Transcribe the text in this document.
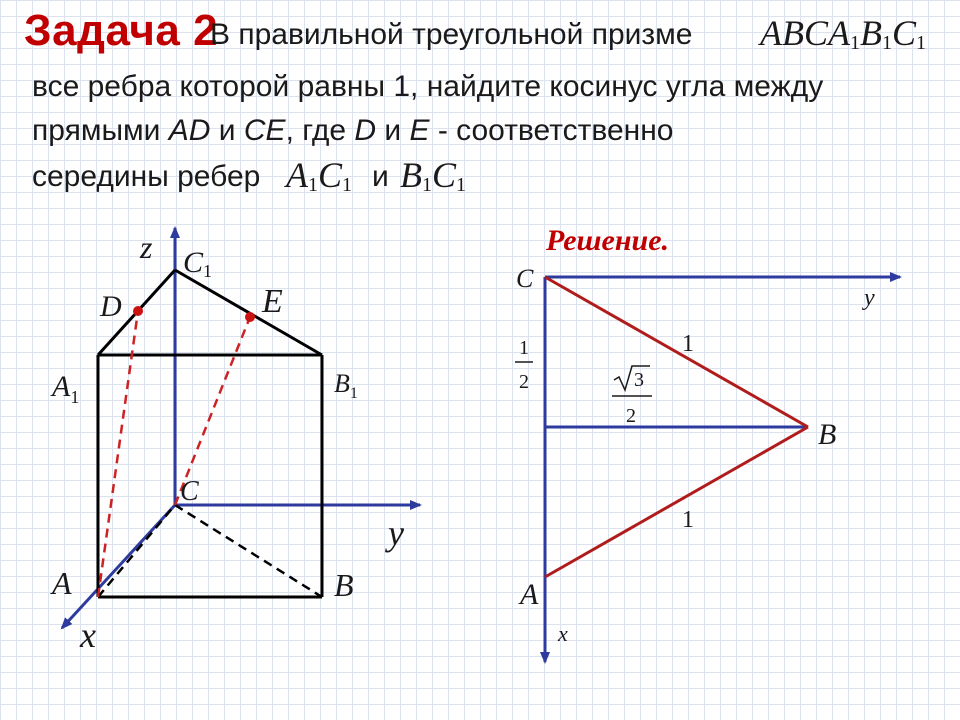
Задача 2
В правильной треугольной призме $ABCA_1B_1C_1$
все ребра которой равны 1, найдите косинус угла между
прямыми AD и CE, где D и E - соответственно
середины ребер $A_1C_1$ и $B_1C_1$
Решение.
z C1
D	E
$A_1$	$B_1$
C
y
A	B
x
C
y
1
1
2	3
2
B
1
A
x
